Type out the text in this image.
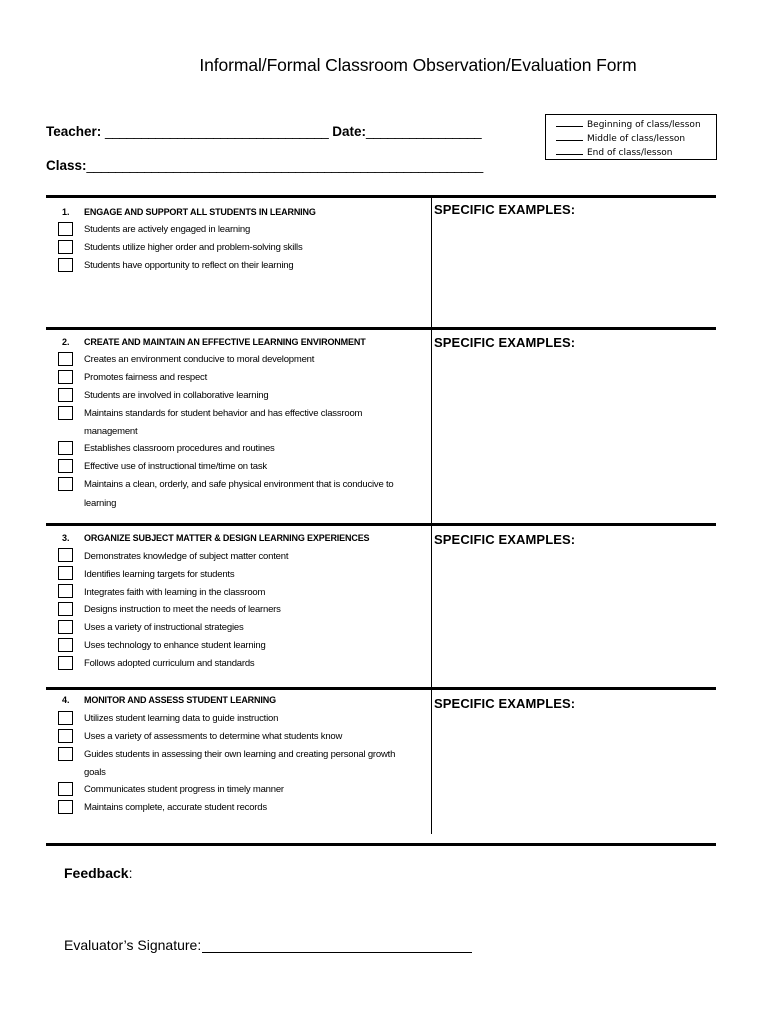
Informal/Formal Classroom Observation/Evaluation Form
Teacher: _______________________________ Date:________________
Class:_______________________________________________________
Beginning of class/lesson
Middle of class/lesson
End of class/lesson
1. ENGAGE AND SUPPORT ALL STUDENTS IN LEARNING	SPECIFIC EXAMPLES:
Students are actively engaged in learning
Students utilize higher order and problem-solving skills
Students have opportunity to reflect on their learning
2. CREATE AND MAINTAIN AN EFFECTIVE LEARNING ENVIRONMENT	SPECIFIC EXAMPLES:
Creates an environment conducive to moral development
Promotes fairness and respect
Students are involved in collaborative learning
Maintains standards for student behavior and has effective classroom
management
Establishes classroom procedures and routines
Effective use of instructional time/time on task
Maintains a clean, orderly, and safe physical environment that is conducive to
learning
3. ORGANIZE SUBJECT MATTER & DESIGN LEARNING EXPERIENCES	SPECIFIC EXAMPLES:
Demonstrates knowledge of subject matter content
Identifies learning targets for students
Integrates faith with learning in the classroom
Designs instruction to meet the needs of learners
Uses a variety of instructional strategies
Uses technology to enhance student learning
Follows adopted curriculum and standards
4. MONITOR AND ASSESS STUDENT LEARNING	SPECIFIC EXAMPLES:
Utilizes student learning data to guide instruction
Uses a variety of assessments to determine what students know
Guides students in assessing their own learning and creating personal growth
goals
Communicates student progress in timely manner
Maintains complete, accurate student records
Feedback:
Evaluator’s Signature:
